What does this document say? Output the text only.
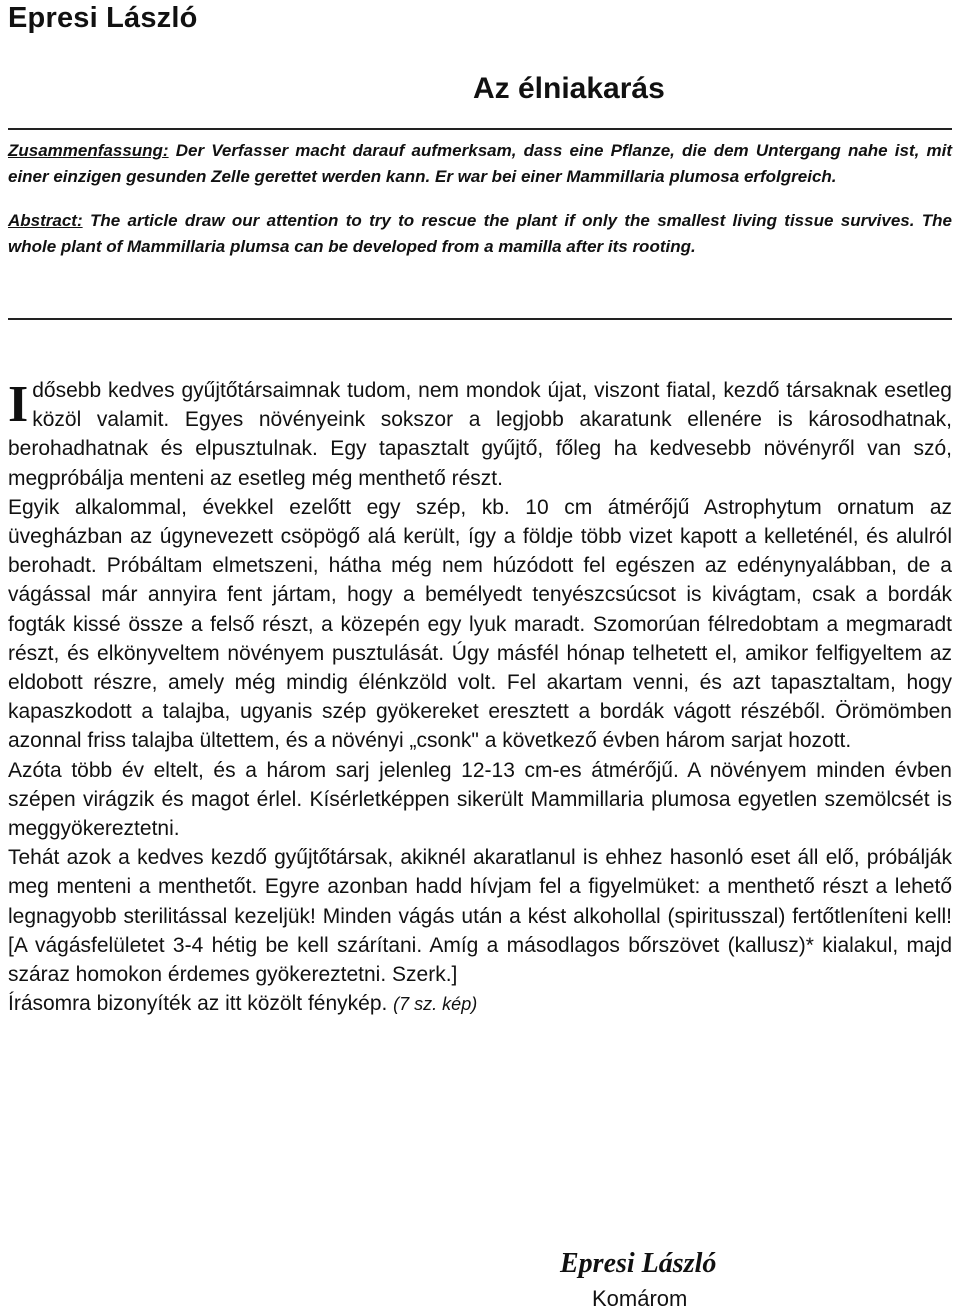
Epresi László
Az élniakarás

Zusammenfassung: Der Verfasser macht darauf aufmerksam, dass eine Pflanze, die dem Untergang nahe ist, mit einer einzigen gesunden Zelle gerettet werden kann. Er war bei einer Mammillaria plumosa erfolgreich.

Abstract: The article draw our attention to try to rescue the plant if only the smallest living tissue survives. The whole plant of Mammillaria plumsa can be developed from a mamilla after its rooting.

Idősebb kedves gyűjtőtársaimnak tudom, nem mondok újat, viszont fiatal, kezdő társaknak esetleg közöl valamit. Egyes növényeink sokszor a legjobb akaratunk ellenére is károsodhatnak, berohadhatnak és elpusztulnak. Egy tapasztalt gyűjtő, főleg ha kedvesebb növényről van szó, megpróbálja menteni az esetleg még menthető részt.

Egyik alkalommal, évekkel ezelőtt egy szép, kb. 10 cm átmérőjű Astrophytum ornatum az üvegházban az úgynevezett csöpögő alá került, így a földje több vizet kapott a kelleténél, és alulról berohadt. Próbáltam elmetszeni, hátha még nem húzódott fel egészen az edénynyalábban, de a vágással már annyira fent jártam, hogy a bemélyedt tenyészcsúcsot is kivágtam, csak a bordák fogták kissé össze a felső részt, a közepén egy lyuk maradt. Szomorúan félredobtam a megmaradt részt, és elkönyveltem növényem pusztulását. Úgy másfél hónap telhetett el, amikor felfigyeltem az eldobott részre, amely még mindig élénkzöld volt. Fel akartam venni, és azt tapasztaltam, hogy kapaszkodott a talajba, ugyanis szép gyökereket eresztett a bordák vágott részéből. Örömömben azonnal friss talajba ültettem, és a növényi „csonk" a következő évben három sarjat hozott.

Azóta több év eltelt, és a három sarj jelenleg 12-13 cm-es átmérőjű. A növényem minden évben szépen virágzik és magot érlel. Kísérletképpen sikerült Mammillaria plumosa egyetlen szemölcsét is meggyökereztetni.

Tehát azok a kedves kezdő gyűjtőtársak, akiknél akaratlanul is ehhez hasonló eset áll elő, próbálják meg menteni a menthetőt. Egyre azonban hadd hívjam fel a figyelmüket: a menthető részt a lehető legnagyobb sterilitással kezeljük! Minden vágás után a kést alkohollal (spiritusszal) fertőtleníteni kell! [A vágásfelületet 3-4 hétig be kell szárítani. Amíg a másodlagos bőrszövet (kallusz)* kialakul, majd száraz homokon érdemes gyökereztetni. Szerk.]

Írásomra bizonyíték az itt közölt fénykép. (7 sz. kép)

Epresi László
Komárom
